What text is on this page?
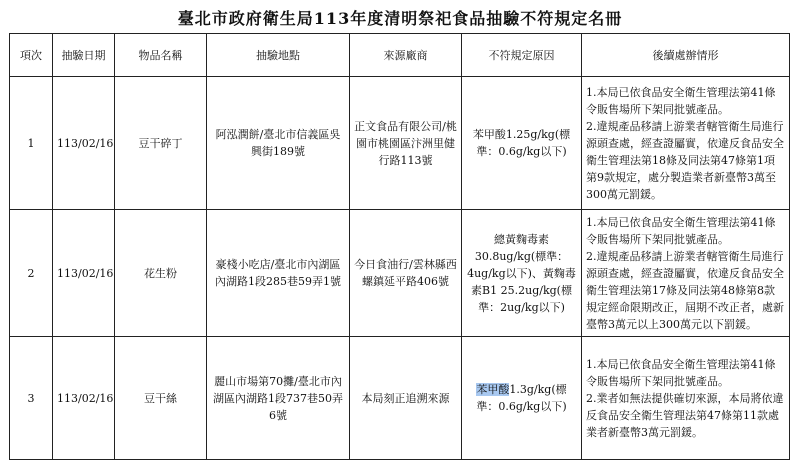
臺北市政府衛生局113年度清明祭祀食品抽驗不符規定名冊
項次	抽驗日期	物品名稱	抽驗地點	來源廠商	不符規定原因	後續處辦情形
1	113/02/16	豆干碎丁	阿泓潤餅/臺北市信義區吳興街189號	正文食品有限公司/桃園市桃園區汴洲里健行路113號	苯甲酸1.25g/kg(標準：0.6g/kg以下)	1.本局已依食品安全衛生管理法第41條令販售場所下架同批號產品。

2.違規產品移請上游業者轄管衛生局進行源頭查處，經查證屬實，依違反食品安全衛生管理法第18條及同法第47條第1項第9款規定，處分製造業者新臺幣3萬至300萬元罰鍰。

2	113/02/16	花生粉	豪棧小吃店/臺北市內湖區內湖路1段285巷59弄1號	今日食油行/雲林縣西螺鎮延平路406號	總黃麴毒素30.8ug/kg(標準：4ug/kg以下)、黃麴毒素B1 25.2ug/kg(標準：2ug/kg以下)	1.本局已依食品安全衛生管理法第41條令販售場所下架同批號產品。

2.違規產品移請上游業者轄管衛生局進行源頭查處，經查證屬實，依違反食品安全衛生管理法第17條及同法第48條第8款規定經命限期改正，屆期不改正者，處新臺幣3萬元以上300萬元以下罰鍰。

3	113/02/16	豆干絲	麗山市場第70攤/臺北市內湖區內湖路1段737巷50弄6號	本局刻正追溯來源	苯甲酸1.3g/kg(標準：0.6g/kg以下)	1.本局已依食品安全衛生管理法第41條令販售場所下架同批號產品。

2.業者如無法提供確切來源，本局將依違反食品安全衛生管理法第47條第11款處業者新臺幣3萬元罰鍰。
